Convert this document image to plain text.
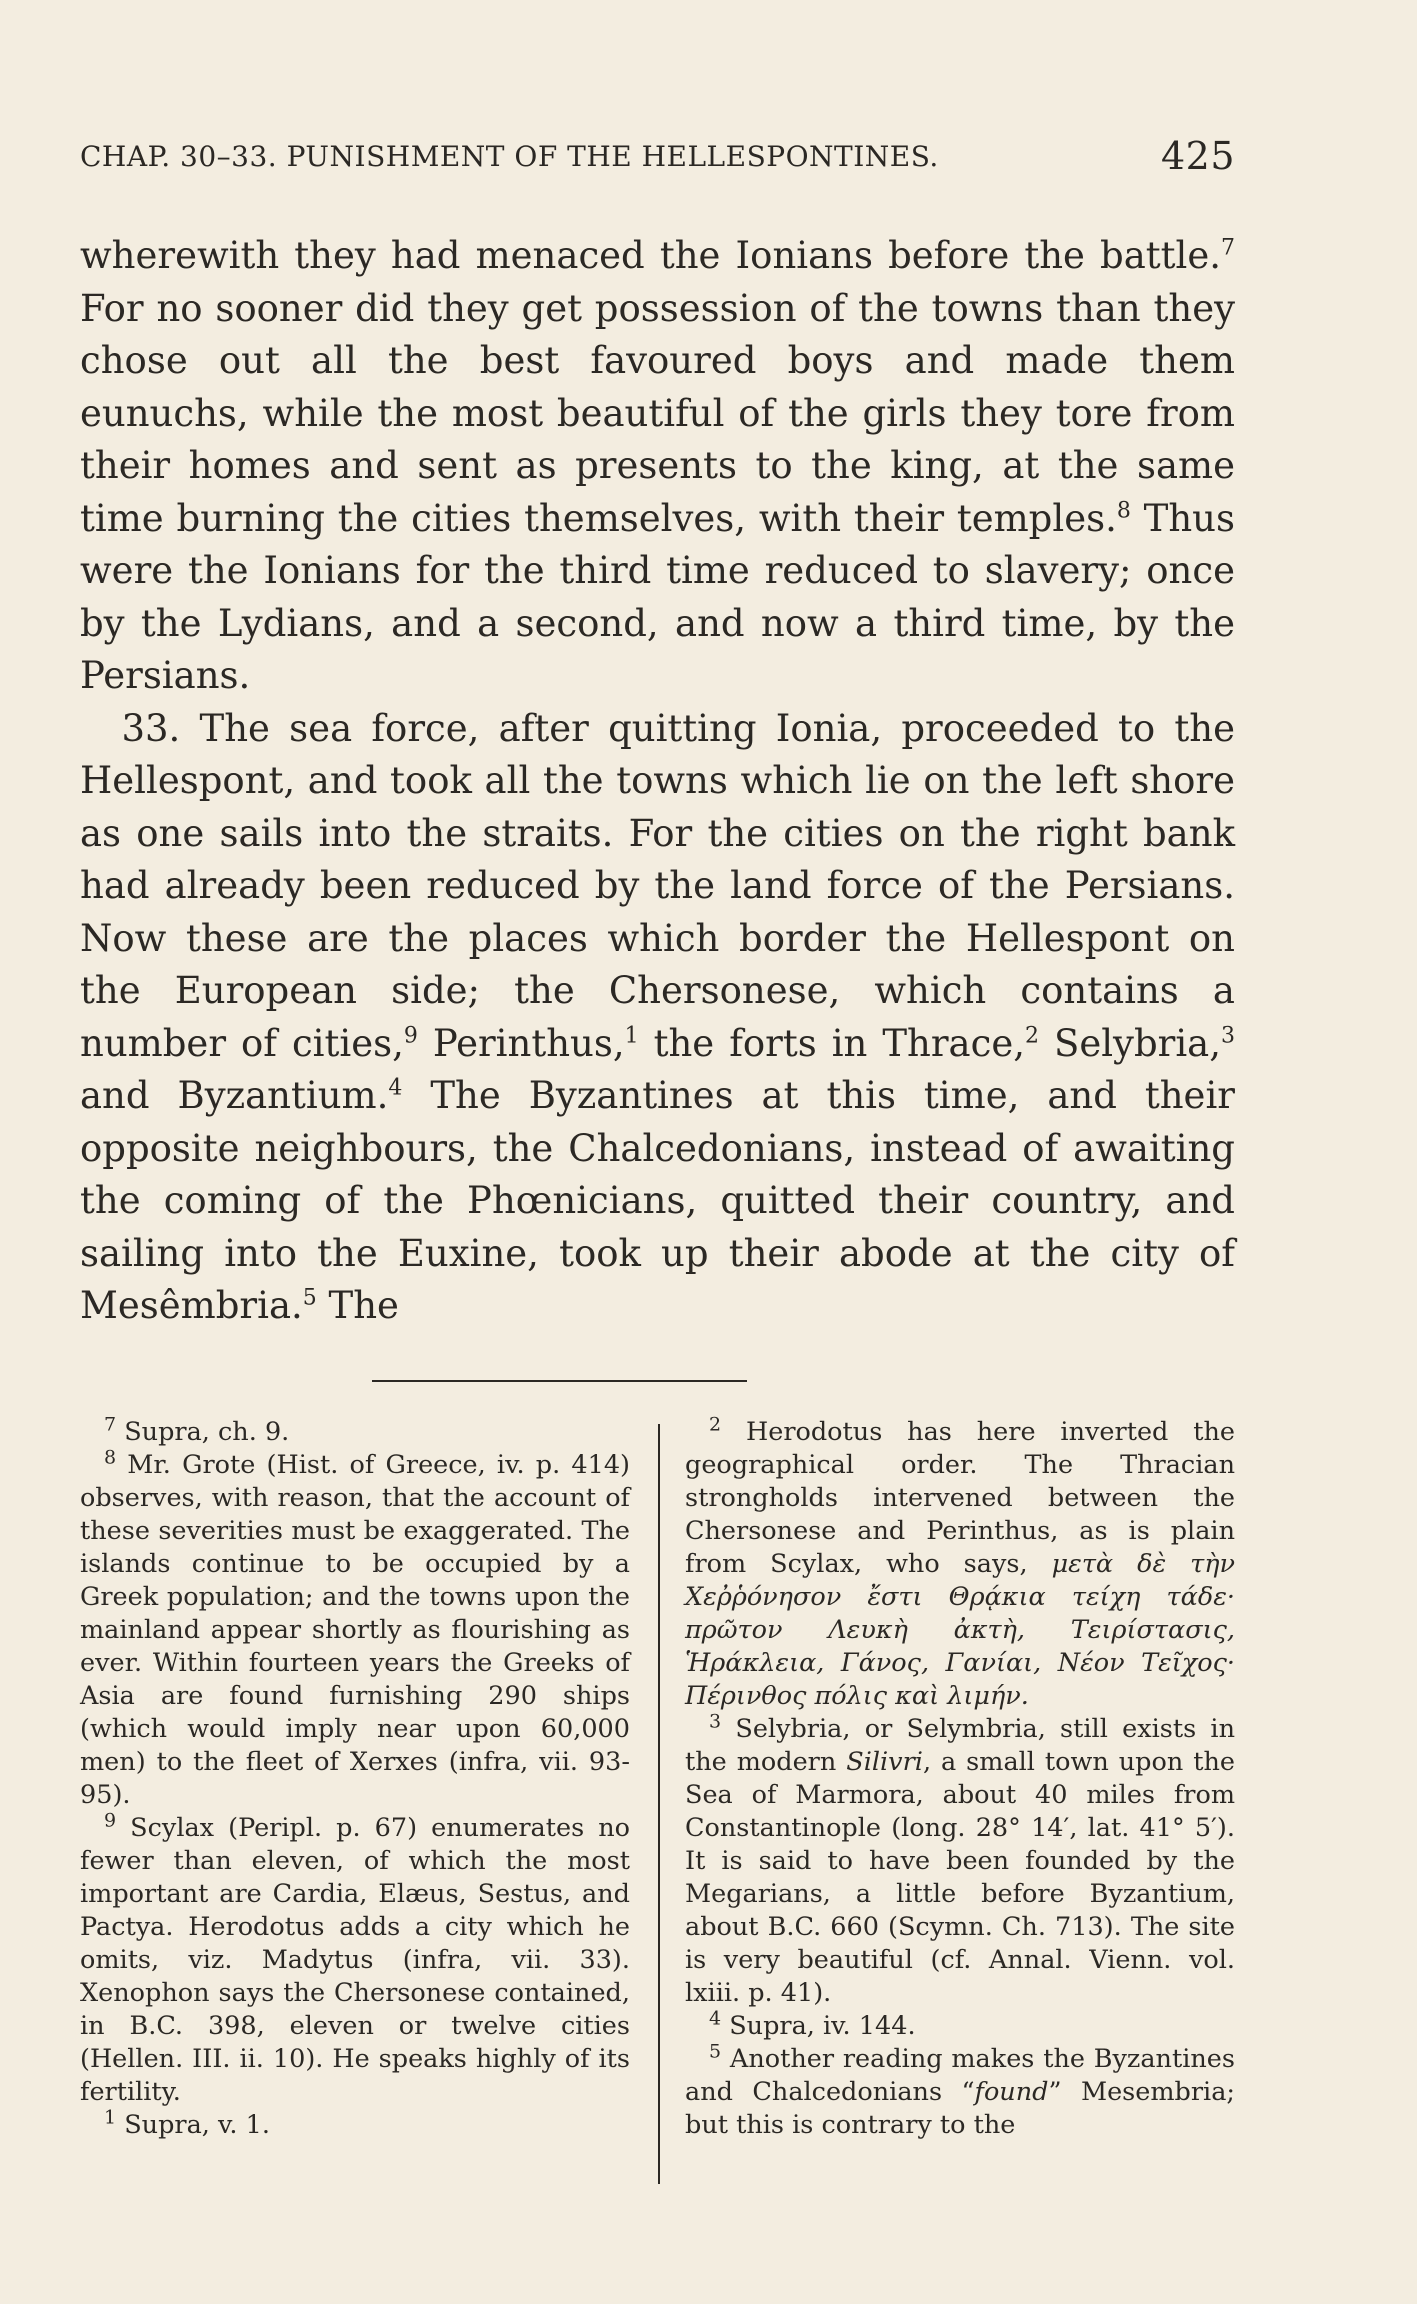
CHAP. 30–33. PUNISHMENT OF THE HELLESPONTINES.	425

wherewith they had menaced the Ionians before the battle.$^7$ For no sooner did they get possession of the towns than they chose out all the best favoured boys and made them eunuchs, while the most beautiful of the girls they tore from their homes and sent as presents to the king, at the same time burning the cities themselves, with their temples.$^8$ Thus were the Ionians for the third time reduced to slavery; once by the Lydians, and a second, and now a third time, by the Persians.

33. The sea force, after quitting Ionia, proceeded to the Hellespont, and took all the towns which lie on the left shore as one sails into the straits. For the cities on the right bank had already been reduced by the land force of the Persians. Now these are the places which border the Hellespont on the European side; the Chersonese, which contains a number of cities,$^9$ Perinthus,$^1$ the forts in Thrace,$^2$ Selybria,$^3$ and Byzantium.$^4$ The Byzantines at this time, and their opposite neighbours, the Chalcedonians, instead of awaiting the coming of the Phœnicians, quitted their country, and sailing into the Euxine, took up their abode at the city of Mesêmbria.$^5$ The

$^7$ Supra, ch. 9.

$^8$ Mr. Grote (Hist. of Greece, iv. p. 414) observes, with reason, that the account of these severities must be exaggerated. The islands continue to be occupied by a Greek population; and the towns upon the mainland appear shortly as flourishing as ever. Within fourteen years the Greeks of Asia are found furnishing 290 ships (which would imply near upon 60,000 men) to the fleet of Xerxes (infra, vii. 93-95).

$^9$ Scylax (Peripl. p. 67) enumerates no fewer than eleven, of which the most important are Cardia, Elæus, Sestus, and Pactya. Herodotus adds a city which he omits, viz. Madytus (infra, vii. 33). Xenophon says the Chersonese contained, in B.C. 398, eleven or twelve cities (Hellen. III. ii. 10). He speaks highly of its fertility.

$^1$ Supra, v. 1.

$^2$ Herodotus has here inverted the geographical order. The Thracian strongholds intervened between the Chersonese and Perinthus, as is plain from Scylax, who says, μετὰ δὲ τὴν Χεῤῥόνησον ἔστι Θρᾴκια τείχη τάδε· πρῶτον Λευκὴ ἀκτὴ, Τειρίστασις, Ἡράκλεια, Γάνος, Γανίαι, Νέον Τεῖχος· Πέρινθος πόλις καὶ λιμήν.

$^3$ Selybria, or Selymbria, still exists in the modern Silivri, a small town upon the Sea of Marmora, about 40 miles from Constantinople (long. 28° 14′, lat. 41° 5′). It is said to have been founded by the Megarians, a little before Byzantium, about B.C. 660 (Scymn. Ch. 713). The site is very beautiful (cf. Annal. Vienn. vol. lxiii. p. 41).

$^4$ Supra, iv. 144.

$^5$ Another reading makes the Byzantines and Chalcedonians “found” Mesembria; but this is contrary to the
